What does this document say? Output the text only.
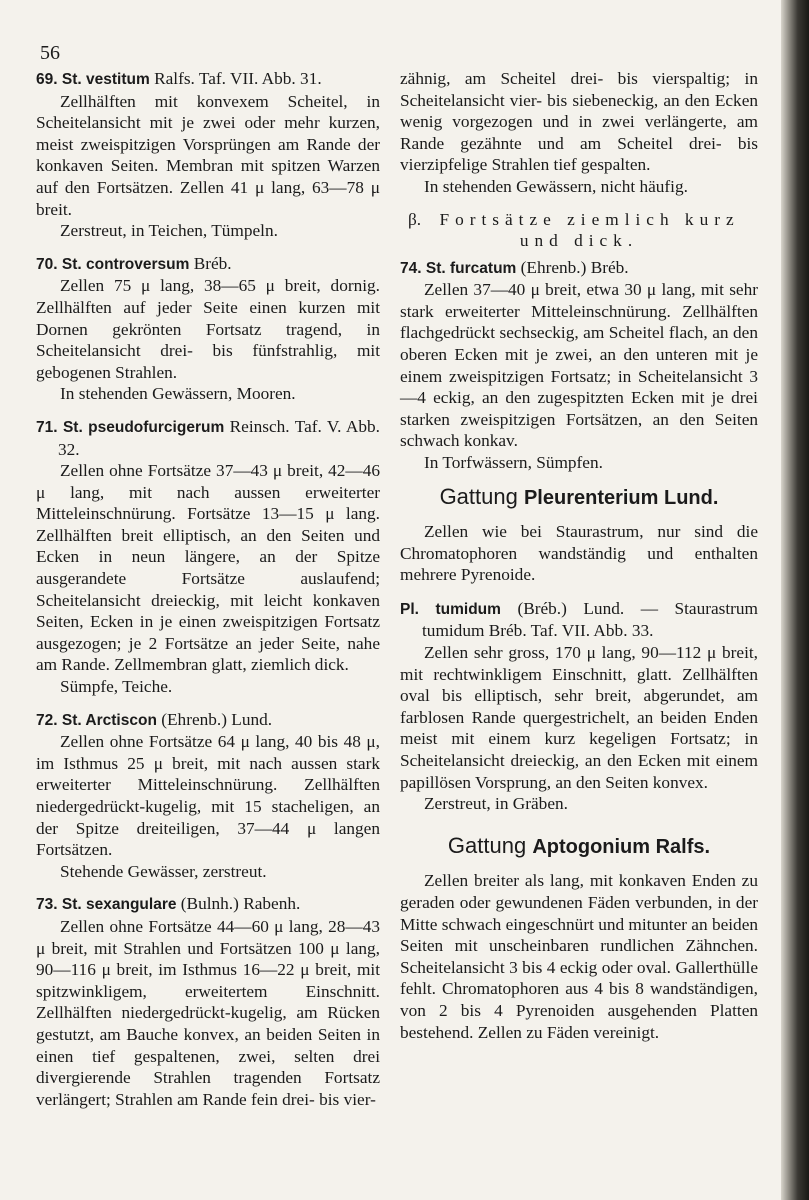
56

69. St. vestitum Ralfs. Taf. VII. Abb. 31.

Zellhälften mit konvexem Scheitel, in Scheitelansicht mit je zwei oder mehr kurzen, meist zweispitzigen Vorsprüngen am Rande der konkaven Seiten. Membran mit spitzen Warzen auf den Fortsätzen. Zellen 41 μ lang, 63—78 μ breit.

Zerstreut, in Teichen, Tümpeln.

70. St. controversum Bréb.

Zellen 75 μ lang, 38—65 μ breit, dornig. Zellhälften auf jeder Seite einen kurzen mit Dornen gekrönten Fortsatz tragend, in Scheitelansicht drei- bis fünfstrahlig, mit gebogenen Strahlen.

In stehenden Gewässern, Mooren.

71. St. pseudofurcigerum Reinsch. Taf. V. Abb. 32.

Zellen ohne Fortsätze 37—43 μ breit, 42—46 μ lang, mit nach aussen erweiterter Mitteleinschnürung. Fortsätze 13—15 μ lang. Zellhälften breit elliptisch, an den Seiten und Ecken in neun längere, an der Spitze ausgerandete Fortsätze auslaufend; Scheitelansicht dreieckig, mit leicht konkaven Seiten, Ecken in je einen zweispitzigen Fortsatz ausgezogen; je 2 Fortsätze an jeder Seite, nahe am Rande. Zellmembran glatt, ziemlich dick.

Sümpfe, Teiche.

72. St. Arctiscon (Ehrenb.) Lund.

Zellen ohne Fortsätze 64 μ lang, 40 bis 48 μ, im Isthmus 25 μ breit, mit nach aussen stark erweiterter Mitteleinschnürung. Zellhälften niedergedrückt-kugelig, mit 15 stacheligen, an der Spitze dreiteiligen, 37—44 μ langen Fortsätzen.

Stehende Gewässer, zerstreut.

73. St. sexangulare (Bulnh.) Rabenh.

Zellen ohne Fortsätze 44—60 μ lang, 28—43 μ breit, mit Strahlen und Fortsätzen 100 μ lang, 90—116 μ breit, im Isthmus 16—22 μ breit, mit spitzwinkligem, erweitertem Einschnitt. Zellhälften niedergedrückt-kugelig, am Rücken gestutzt, am Bauche konvex, an beiden Seiten in einen tief gespaltenen, zwei, selten drei divergierende Strahlen tragenden Fortsatz verlängert; Strahlen am Rande fein drei- bis vier-

zähnig, am Scheitel drei- bis vierspaltig; in Scheitelansicht vier- bis siebeneckig, an den Ecken wenig vorgezogen und in zwei verlängerte, am Rande gezähnte und am Scheitel drei- bis vierzipfelige Strahlen tief gespalten.

In stehenden Gewässern, nicht häufig.

β. Fortsätze ziemlich kurz
und dick.

74. St. furcatum (Ehrenb.) Bréb.

Zellen 37—40 μ breit, etwa 30 μ lang, mit sehr stark erweiterter Mitteleinschnürung. Zellhälften flachgedrückt sechseckig, am Scheitel flach, an den oberen Ecken mit je zwei, an den unteren mit je einem zweispitzigen Fortsatz; in Scheitelansicht 3—4 eckig, an den zugespitzten Ecken mit je drei starken zweispitzigen Fortsätzen, an den Seiten schwach konkav.

In Torfwässern, Sümpfen.

Gattung Pleurenterium Lund.

Zellen wie bei Staurastrum, nur sind die Chromatophoren wandständig und enthalten mehrere Pyrenoide.

Pl. tumidum (Bréb.) Lund. — Staurastrum tumidum Bréb. Taf. VII. Abb. 33.

Zellen sehr gross, 170 μ lang, 90—112 μ breit, mit rechtwinkligem Einschnitt, glatt. Zellhälften oval bis elliptisch, sehr breit, abgerundet, am farblosen Rande quergestrichelt, an beiden Enden meist mit einem kurz kegeligen Fortsatz; in Scheitelansicht dreieckig, an den Ecken mit einem papillösen Vorsprung, an den Seiten konvex.

Zerstreut, in Gräben.

Gattung Aptogonium Ralfs.

Zellen breiter als lang, mit konkaven Enden zu geraden oder gewundenen Fäden verbunden, in der Mitte schwach eingeschnürt und mitunter an beiden Seiten mit unscheinbaren rundlichen Zähnchen. Scheitelansicht 3 bis 4 eckig oder oval. Gallerthülle fehlt. Chromatophoren aus 4 bis 8 wandständigen, von 2 bis 4 Pyrenoiden ausgehenden Platten bestehend. Zellen zu Fäden vereinigt.
